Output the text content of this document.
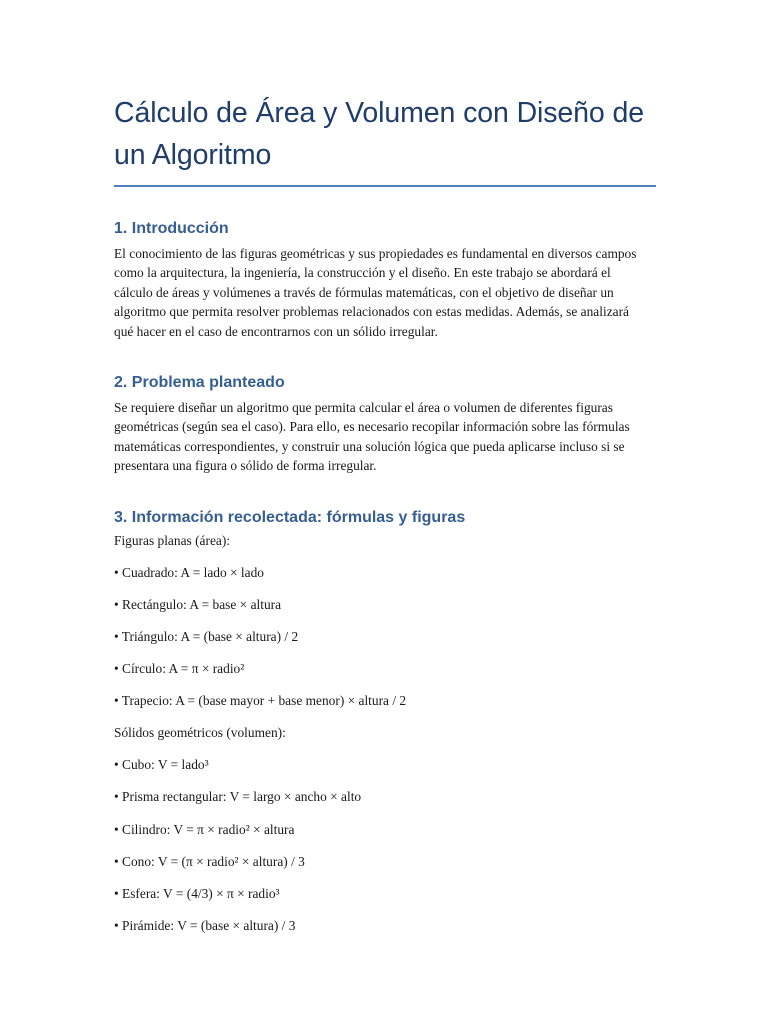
Cálculo de Área y Volumen con Diseño de un Algoritmo
1. Introducción

El conocimiento de las figuras geométricas y sus propiedades es fundamental en diversos campos como la arquitectura, la ingeniería, la construcción y el diseño. En este trabajo se abordará el cálculo de áreas y volúmenes a través de fórmulas matemáticas, con el objetivo de diseñar un algoritmo que permita resolver problemas relacionados con estas medidas. Además, se analizará qué hacer en el caso de encontrarnos con un sólido irregular.

2. Problema planteado

Se requiere diseñar un algoritmo que permita calcular el área o volumen de diferentes figuras geométricas (según sea el caso). Para ello, es necesario recopilar información sobre las fórmulas matemáticas correspondientes, y construir una solución lógica que pueda aplicarse incluso si se presentara una figura o sólido de forma irregular.

3. Información recolectada: fórmulas y figuras

Figuras planas (área):

• Cuadrado: A = lado × lado

• Rectángulo: A = base × altura

• Triángulo: A = (base × altura) / 2

• Círculo: A = π × radio²

• Trapecio: A = (base mayor + base menor) × altura / 2

Sólidos geométricos (volumen):

• Cubo: V = lado³

• Prisma rectangular: V = largo × ancho × alto

• Cilindro: V = π × radio² × altura

• Cono: V = (π × radio² × altura) / 3

• Esfera: V = (4/3) × π × radio³

• Pirámide: V = (base × altura) / 3
